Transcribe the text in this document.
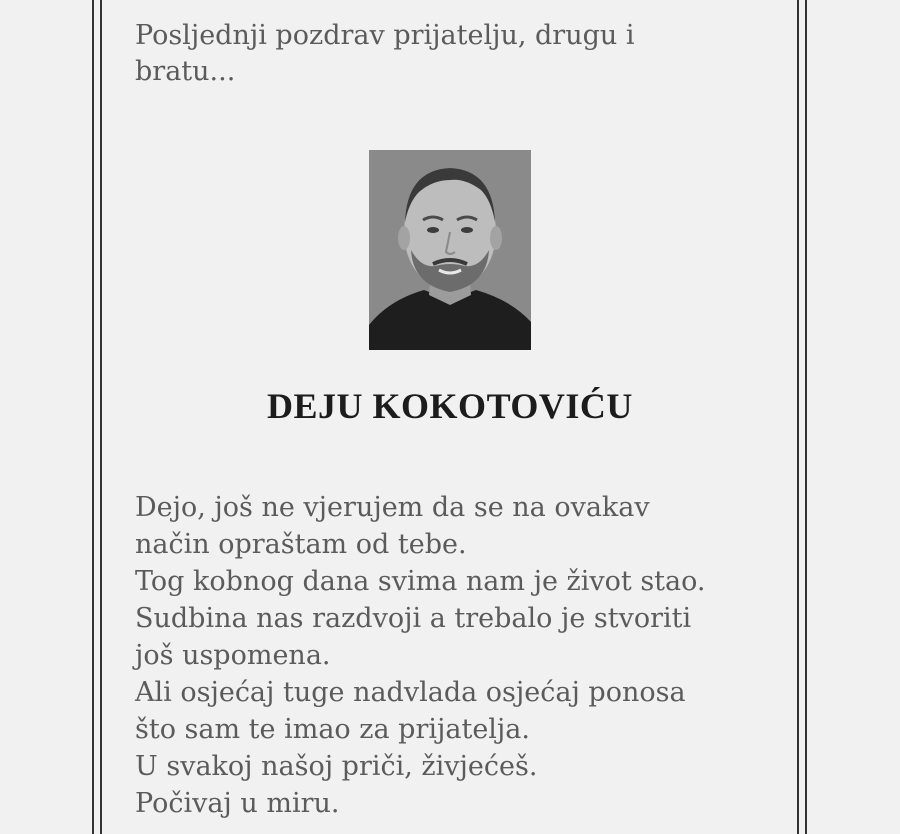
Posljednji pozdrav prijatelju, drugu i
bratu...
DEJU KOKOTOVIĆU
Dejo, još ne vjerujem da se na ovakav
način opraštam od tebe.
Tog kobnog dana svima nam je život stao.
Sudbina nas razdvoji a trebalo je stvoriti
još uspomena.
Ali osjećaj tuge nadvlada osjećaj ponosa
što sam te imao za prijatelja.
U svakoj našoj priči, živjećeš.
Počivaj u miru.
